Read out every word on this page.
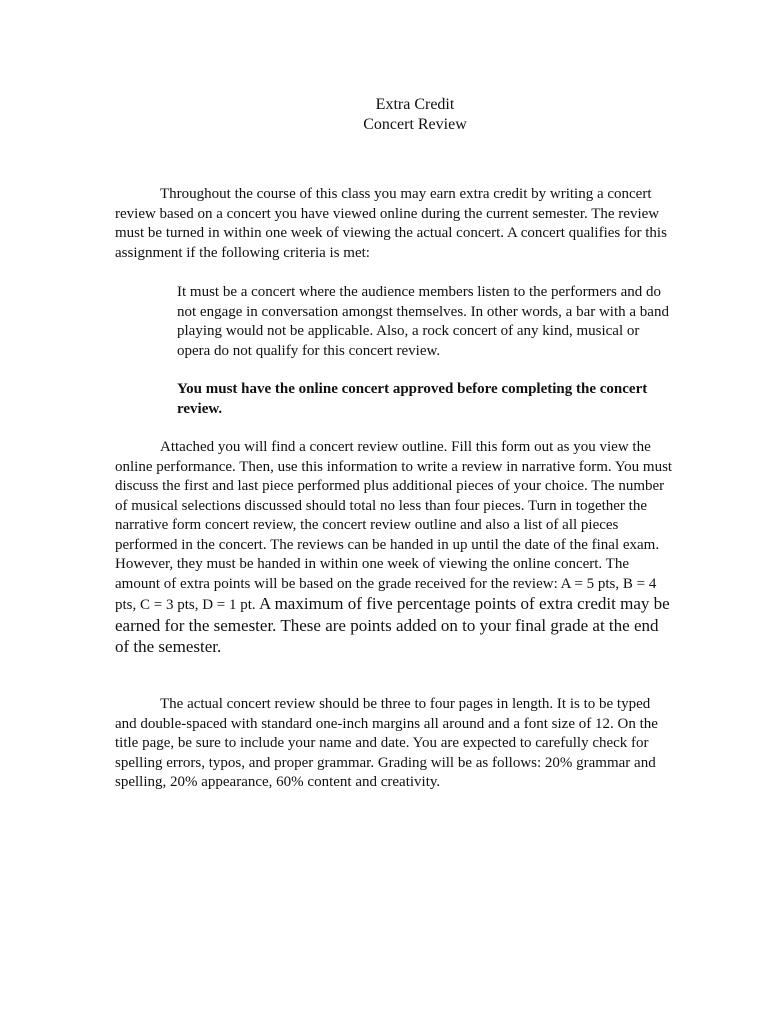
Extra Credit
Concert Review

Throughout the course of this class you may earn extra credit by writing a concert review based on a concert you have viewed online during the current semester. The review must be turned in within one week of viewing the actual concert. A concert qualifies for this assignment if the following criteria is met:

It must be a concert where the audience members listen to the performers and do not engage in conversation amongst themselves. In other words, a bar with a band playing would not be applicable. Also, a rock concert of any kind, musical or opera do not qualify for this concert review.

You must have the online concert approved before completing the concert review.

Attached you will find a concert review outline. Fill this form out as you view the online performance. Then, use this information to write a review in narrative form. You must discuss the first and last piece performed plus additional pieces of your choice. The number of musical selections discussed should total no less than four pieces. Turn in together the narrative form concert review, the concert review outline and also a list of all pieces performed in the concert. The reviews can be handed in up until the date of the final exam. However, they must be handed in within one week of viewing the online concert. The amount of extra points will be based on the grade received for the review: A = 5 pts, B = 4 pts, C = 3 pts, D = 1 pt. A maximum of five percentage points of extra credit may be earned for the semester. These are points added on to your final grade at the end of the semester.

The actual concert review should be three to four pages in length. It is to be typed and double-spaced with standard one-inch margins all around and a font size of 12. On the title page, be sure to include your name and date. You are expected to carefully check for spelling errors, typos, and proper grammar. Grading will be as follows: 20% grammar and spelling, 20% appearance, 60% content and creativity.
